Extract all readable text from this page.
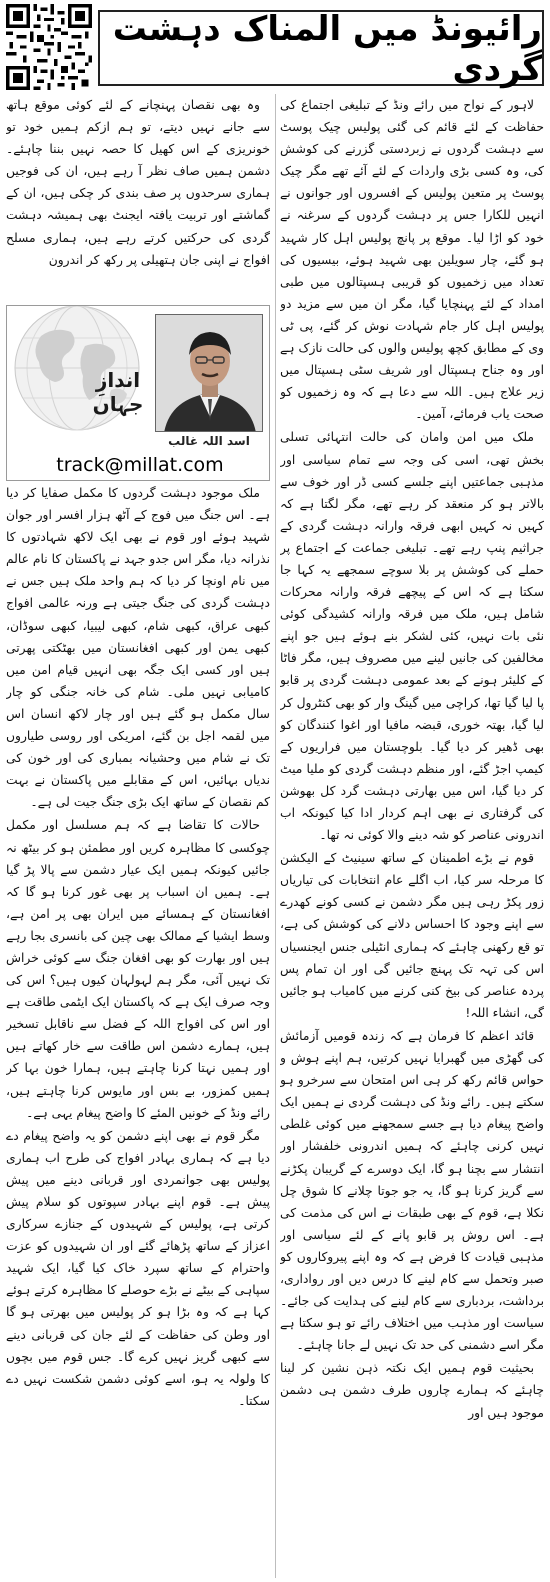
رائیونڈ میں المناک دہشت گردی

لاہور کے نواح میں رائے ونڈ کے تبلیغی اجتماع کی حفاظت کے لئے قائم کی گئی پولیس چیک پوسٹ سے دہشت گردوں نے زبردستی گزرنے کی کوشش کی، وہ کسی بڑی واردات کے لئے آئے تھے مگر چیک پوسٹ پر متعین پولیس کے افسروں اور جوانوں نے انہیں للکارا جس پر دہشت گردوں کے سرغنہ نے خود کو اڑا لیا۔ موقع پر پانچ پولیس اہل کار شہید ہو گئے، چار سویلین بھی شہید ہوئے، بیسیوں کی تعداد میں زخمیوں کو قریبی ہسپتالوں میں طبی امداد کے لئے پہنچایا گیا، مگر ان میں سے مزید دو پولیس اہل کار جام شہادت نوش کر گئے، پی ٹی وی کے مطابق کچھ پولیس والوں کی حالت نازک ہے اور وہ جناح ہسپتال اور شریف سٹی ہسپتال میں زیر علاج ہیں۔ اللہ سے دعا ہے کہ وہ زخمیوں کو صحت یاب فرمائے، آمین۔

ملک میں امن وامان کی حالت انتہائی تسلی بخش تھی، اسی کی وجہ سے تمام سیاسی اور مذہبی جماعتیں اپنے جلسے کسی ڈر اور خوف سے بالاتر ہو کر منعقد کر رہے تھے، مگر لگتا ہے کہ کہیں نہ کہیں ابھی فرقہ وارانہ دہشت گردی کے جراثیم پنپ رہے تھے۔ تبلیغی جماعت کے اجتماع پر حملے کی کوشش پر بلا سوچے سمجھے یہ کہا جا سکتا ہے کہ اس کے پیچھے فرقہ وارانہ محرکات شامل ہیں، ملک میں فرقہ وارانہ کشیدگی کوئی نئی بات نہیں، کئی لشکر بنے ہوئے ہیں جو اپنے مخالفین کی جانیں لینے میں مصروف ہیں، مگر فاٹا کے کلیئر ہونے کے بعد عمومی دہشت گردی پر قابو پا لیا گیا تھا، کراچی میں گینگ وار کو بھی کنٹرول کر لیا گیا، بھتہ خوری، قبضہ مافیا اور اغوا کنندگان کو بھی ڈھیر کر دیا گیا۔ بلوچستان میں فراریوں کے کیمپ اجڑ گئے، اور منظم دہشت گردی کو ملیا میٹ کر دیا گیا، اس میں بھارتی دہشت گرد کل بھوشن کی گرفتاری نے بھی اہم کردار ادا کیا کیونکہ اب اندرونی عناصر کو شہ دینے والا کوئی نہ تھا۔

قوم نے بڑے اطمینان کے ساتھ سینیٹ کے الیکشن کا مرحلہ سر کیا، اب اگلے عام انتخابات کی تیاریاں زور پکڑ رہی ہیں مگر دشمن نے کسی کونے کھدرے سے اپنے وجود کا احساس دلانے کی کوشش کی ہے، تو قع رکھنی چاہئے کہ ہماری انٹیلی جنس ایجنسیاں اس کی تہہ تک پہنچ جائیں گی اور ان تمام پس پردہ عناصر کی بیخ کنی کرنے میں کامیاب ہو جائیں گی، انشاء اللہ!

قائد اعظم کا فرمان ہے کہ زندہ قومیں آزمائش کی گھڑی میں گھبرایا نہیں کرتیں، ہم اپنے ہوش و حواس قائم رکھ کر ہی اس امتحان سے سرخرو ہو سکتے ہیں۔ رائے ونڈ کی دہشت گردی نے ہمیں ایک واضح پیغام دیا ہے جسے سمجھنے میں کوئی غلطی نہیں کرنی چاہئے کہ ہمیں اندرونی خلفشار اور انتشار سے بچنا ہو گا، ایک دوسرے کے گریبان پکڑنے سے گریز کرنا ہو گا، یہ جو جوتا چلانے کا شوق چل نکلا ہے، قوم کے بھی طبقات نے اس کی مذمت کی ہے۔ اس روش پر قابو پانے کے لئے سیاسی اور مذہبی قیادت کا فرض ہے کہ وہ اپنے پیروکاروں کو صبر وتحمل سے کام لینے کا درس دیں اور رواداری، برداشت، بردباری سے کام لینے کی ہدایت کی جائے۔ سیاست اور مذہب میں اختلاف رائے تو ہو سکتا ہے مگر اسے دشمنی کی حد تک نہیں لے جانا چاہئے۔

بحیثیت قوم ہمیں ایک نکتہ ذہن نشین کر لینا چاہئے کہ ہمارے چاروں طرف دشمن ہی دشمن موجود ہیں اور

وہ بھی نقصان پہنچانے کے لئے کوئی موقع ہاتھ سے جانے نہیں دیتے، تو ہم ازکم ہمیں خود تو خونریزی کے اس کھیل کا حصہ نہیں بننا چاہئے۔ دشمن ہمیں صاف نظر آ رہے ہیں، ان کی فوجیں ہماری سرحدوں پر صف بندی کر چکی ہیں، ان کے گماشتے اور تربیت یافتہ ایجنٹ بھی ہمیشہ دہشت گردی کی حرکتیں کرتے رہے ہیں، ہماری مسلح افواج نے اپنی جان ہتھیلی پر رکھ کر اندرون

اندازِ جہاں
اسد اللہ غالب
track@millat.com

ملک موجود دہشت گردوں کا مکمل صفایا کر دیا ہے۔ اس جنگ میں فوج کے آٹھ ہزار افسر اور جوان شہید ہوئے اور قوم نے بھی ایک لاکھ شہادتوں کا نذرانہ دیا، مگر اس جدو جہد نے پاکستان کا نام عالم میں نام اونچا کر دیا کہ ہم واحد ملک ہیں جس نے دہشت گردی کی جنگ جیتی ہے ورنہ عالمی افواج کبھی عراق، کبھی شام، کبھی لیبیا، کبھی سوڈان، کبھی یمن اور کبھی افغانستان میں بھٹکتی پھرتی ہیں اور کسی ایک جگہ بھی انہیں قیام امن میں کامیابی نہیں ملی۔ شام کی خانہ جنگی کو چار سال مکمل ہو گئے ہیں اور چار لاکھ انسان اس میں لقمہ اجل بن گئے، امریکی اور روسی طیاروں تک نے شام میں وحشیانہ بمباری کی اور خون کی ندیاں بہائیں، اس کے مقابلے میں پاکستان نے بہت کم نقصان کے ساتھ ایک بڑی جنگ جیت لی ہے۔

حالات کا تقاضا ہے کہ ہم مسلسل اور مکمل چوکسی کا مظاہرہ کریں اور مطمئن ہو کر بیٹھ نہ جائیں کیونکہ ہمیں ایک عیار دشمن سے پالا پڑ گیا ہے۔ ہمیں ان اسباب پر بھی غور کرنا ہو گا کہ افغانستان کے ہمسائے میں ایران بھی پر امن ہے، وسط ایشیا کے ممالک بھی چین کی بانسری بجا رہے ہیں اور بھارت کو بھی افغان جنگ سے کوئی خراش تک نہیں آئی، مگر ہم لہولہان کیوں ہیں؟ اس کی وجہ صرف ایک ہے کہ پاکستان ایک ایٹمی طاقت ہے اور اس کی افواج اللہ کے فضل سے ناقابل تسخیر ہیں، ہمارے دشمن اس طاقت سے خار کھاتے ہیں اور ہمیں نہتا کرنا چاہتے ہیں، ہمارا خون بہا کر ہمیں کمزور، بے بس اور مایوس کرنا چاہتے ہیں، رائے ونڈ کے خونیں المئے کا واضح پیغام یہی ہے۔

مگر قوم نے بھی اپنے دشمن کو یہ واضح پیغام دے دیا ہے کہ ہماری بہادر افواج کی طرح اب ہماری پولیس بھی جوانمردی اور قربانی دینے میں پیش پیش ہے۔ قوم اپنے بہادر سپوتوں کو سلام پیش کرتی ہے، پولیس کے شہیدوں کے جنازے سرکاری اعزاز کے ساتھ پڑھائے گئے اور ان شہیدوں کو عزت واحترام کے ساتھ سپرد خاک کیا گیا، ایک شہید سپاہی کے بیٹے نے بڑے حوصلے کا مظاہرہ کرتے ہوئے کہا ہے کہ وہ بڑا ہو کر پولیس میں بھرتی ہو گا اور وطن کی حفاظت کے لئے جان کی قربانی دینے سے کبھی گریز نہیں کرے گا۔ جس قوم میں بچوں کا ولولہ یہ ہو، اسے کوئی دشمن شکست نہیں دے سکتا۔
